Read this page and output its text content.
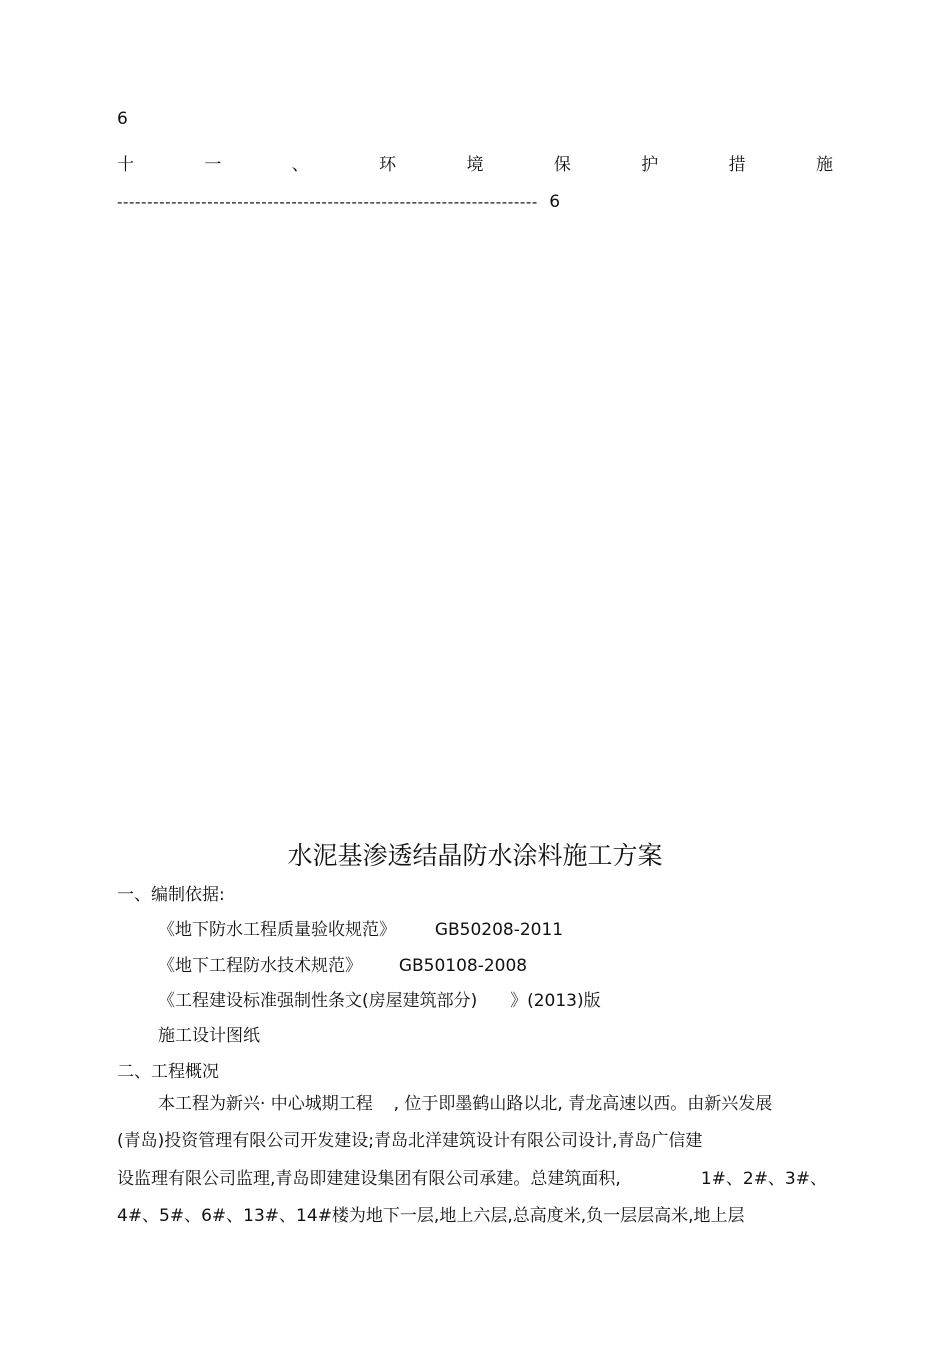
6
十	一	、	环	境	保	护	措	施
---------------------------------------------------------------------- 6
水泥基渗透结晶防水涂料施工方案
一、编制依据:
《地下防水工程质量验收规范》 GB50208-2011
《地下工程防水技术规范》 GB50108-2008
《工程建设标准强制性条文(房屋建筑部分) 》(2013)版
施工设计图纸
二、工程概况
本工程为新兴· 中心城期工程 , 位于即墨鹤山路以北, 青龙高速以西。由新兴发展
(青岛)投资管理有限公司开发建设;青岛北洋建筑设计有限公司设计,青岛广信建
设监理有限公司监理,青岛即建建设集团有限公司承建。总建筑面积,	1#、2#、3#、
4#、5#、6#、13#、14#楼为地下一层,地上六层,总高度米,负一层层高米,地上层
